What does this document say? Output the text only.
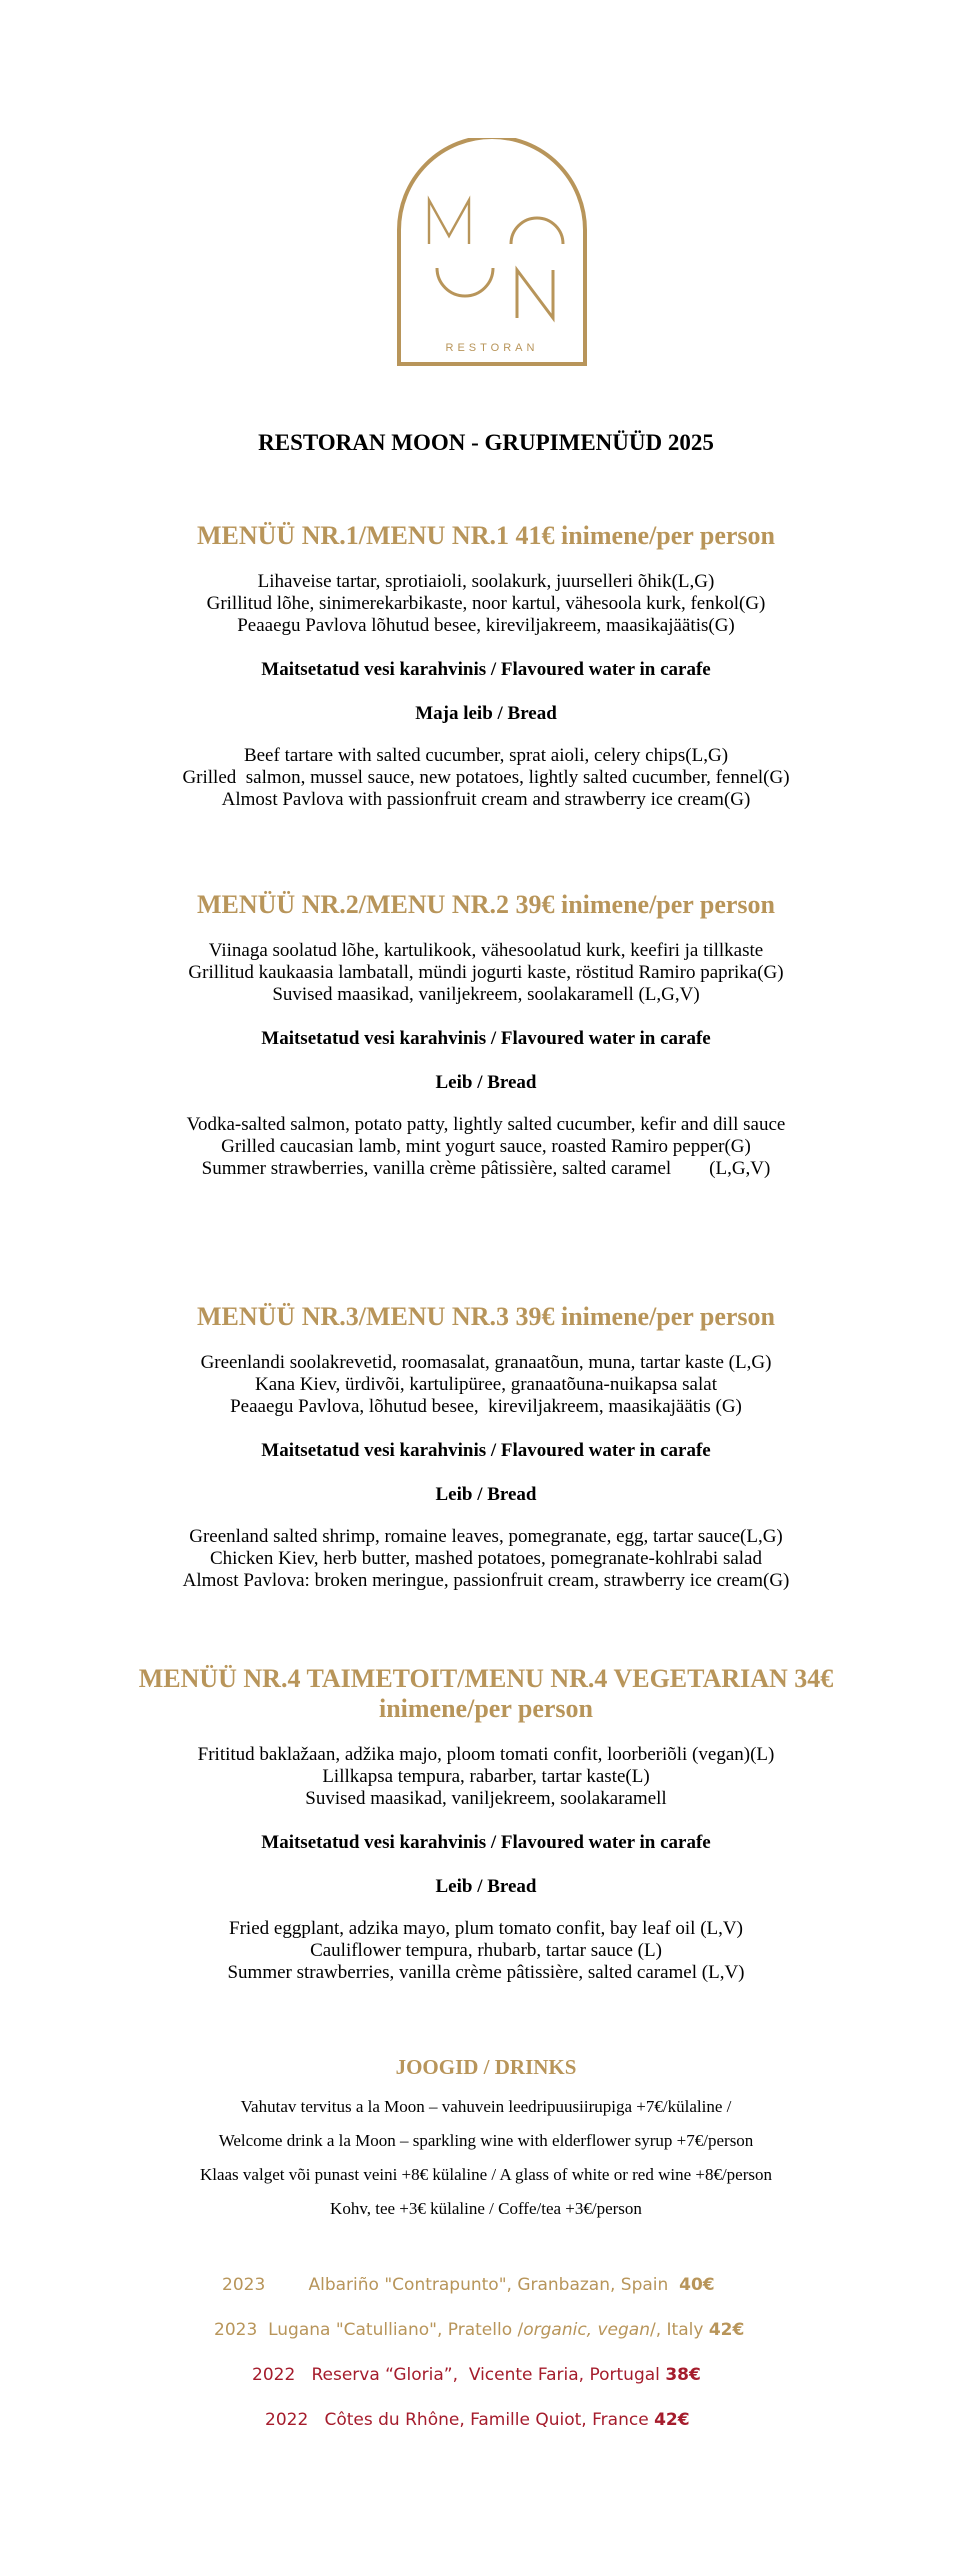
RESTORAN
RESTORAN MOON - GRUPIMENÜÜD 2025
MENÜÜ NR.1/MENU NR.1 41€ inimene/per person
Lihaveise tartar, sprotiaioli, soolakurk, juurselleri õhik(L,G)
Grillitud lõhe, sinimerekarbikaste, noor kartul, vähesoola kurk, fenkol(G)
Peaaegu Pavlova lõhutud besee, kireviljakreem, maasikajäätis(G)
Maitsetatud vesi karahvinis / Flavoured water in carafe
Maja leib / Bread
Beef tartare with salted cucumber, sprat aioli, celery chips(L,G)
Grilled  salmon, mussel sauce, new potatoes, lightly salted cucumber, fennel(G)
Almost Pavlova with passionfruit cream and strawberry ice cream(G)
MENÜÜ NR.2/MENU NR.2 39€ inimene/per person
Viinaga soolatud lõhe, kartulikook, vähesoolatud kurk, keefiri ja tillkaste
Grillitud kaukaasia lambatall, mündi jogurti kaste, röstitud Ramiro paprika(G)
Suvised maasikad, vaniljekreem, soolakaramell (L,G,V)
Maitsetatud vesi karahvinis / Flavoured water in carafe
Leib / Bread
Vodka-salted salmon, potato patty, lightly salted cucumber, kefir and dill sauce
Grilled caucasian lamb, mint yogurt sauce, roasted Ramiro pepper(G)
Summer strawberries, vanilla crème pâtissière, salted caramel        (L,G,V)
MENÜÜ NR.3/MENU NR.3 39€ inimene/per person
Greenlandi soolakrevetid, roomasalat, granaatõun, muna, tartar kaste (L,G)
Kana Kiev, ürdivõi, kartulipüree, granaatõuna-nuikapsa salat
Peaaegu Pavlova, lõhutud besee,  kireviljakreem, maasikajäätis (G)
Maitsetatud vesi karahvinis / Flavoured water in carafe
Leib / Bread
Greenland salted shrimp, romaine leaves, pomegranate, egg, tartar sauce(L,G)
Chicken Kiev, herb butter, mashed potatoes, pomegranate-kohlrabi salad
Almost Pavlova: broken meringue, passionfruit cream, strawberry ice cream(G)
MENÜÜ NR.4 TAIMETOIT/MENU NR.4 VEGETARIAN 34€ inimene/per person
Frititud baklažaan, adžika majo, ploom tomati confit, loorberiõli (vegan)(L)
Lillkapsa tempura, rabarber, tartar kaste(L)
Suvised maasikad, vaniljekreem, soolakaramell
Maitsetatud vesi karahvinis / Flavoured water in carafe
Leib / Bread
Fried eggplant, adzika mayo, plum tomato confit, bay leaf oil (L,V)
Cauliflower tempura, rhubarb, tartar sauce (L)
Summer strawberries, vanilla crème pâtissière, salted caramel (L,V)
JOOGID / DRINKS
Vahutav tervitus a la Moon – vahuvein leedripuusiirupiga +7€/külaline /
Welcome drink a la Moon – sparkling wine with elderflower syrup +7€/person
Klaas valget või punast veini +8€ külaline / A glass of white or red wine +8€/person
Kohv, tee +3€ külaline / Coffe/tea +3€/person
2023	Albariño "Contrapunto", Granbazan, Spain 40€
2023 Lugana "Catulliano", Pratello /organic, vegan/, Italy 42€
2022 Reserva “Gloria”,  Vicente Faria, Portugal 38€
2022 Côtes du Rhône, Famille Quiot, France 42€
